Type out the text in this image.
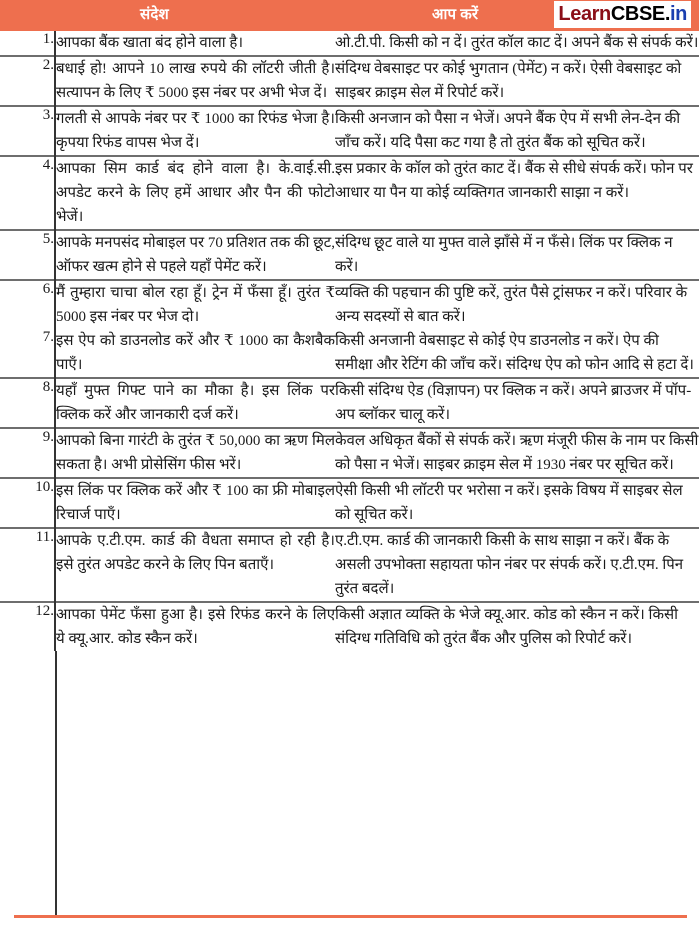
संदेश	आप करें	LearnCBSE.in
1.	आपका बैंक खाता बंद होने वाला है।	ओ.टी.पी. किसी को न दें। तुरंत कॉल काट दें। अपने बैंक से संपर्क करें।
2.	बधाई हो! आपने 10 लाख रुपये की लॉटरी जीती है। सत्यापन के लिए ₹ 5000 इस नंबर पर अभी भेज दें।	संदिग्ध वेबसाइट पर कोई भुगतान (पेमेंट) न करें। ऐसी वेबसाइट को साइबर क्राइम सेल में रिपोर्ट करें।
3.	गलती से आपके नंबर पर ₹ 1000 का रिफंड भेजा है। कृपया रिफंड वापस भेज दें।	किसी अनजान को पैसा न भेजें। अपने बैंक ऐप में सभी लेन-देन की जाँच करें। यदि पैसा कट गया है तो तुरंत बैंक को सूचित करें।
4.	आपका सिम कार्ड बंद होने वाला है। के.वाई.सी. अपडेट करने के लिए हमें आधार और पैन की फोटो भेजें।	इस प्रकार के कॉल को तुरंत काट दें। बैंक से सीधे संपर्क करें। फोन पर आधार या पैन या कोई व्यक्तिगत जानकारी साझा न करें।
5.	आपके मनपसंद मोबाइल पर 70 प्रतिशत तक की छूट, ऑफर खत्म होने से पहले यहाँ पेमेंट करें।	संदिग्ध छूट वाले या मुफ्त वाले झाँसे में न फँसे। लिंक पर क्लिक न करें।
6.	मैं तुम्हारा चाचा बोल रहा हूँ। ट्रेन में फँसा हूँ। तुरंत ₹ 5000 इस नंबर पर भेज दो।	व्यक्ति की पहचान की पुष्टि करें, तुरंत पैसे ट्रांसफर न करें। परिवार के अन्य सदस्यों से बात करें।
7.	इस ऐप को डाउनलोड करें और ₹ 1000 का कैशबैक पाएँ।	किसी अनजानी वेबसाइट से कोई ऐप डाउनलोड न करें। ऐप की समीक्षा और रेटिंग की जाँच करें। संदिग्ध ऐप को फोन आदि से हटा दें।
8.	यहाँ मुफ्त गिफ्ट पाने का मौका है। इस लिंक पर क्लिक करें और जानकारी दर्ज करें।	किसी संदिग्ध ऐड (विज्ञापन) पर क्लिक न करें। अपने ब्राउजर में पॉप-अप ब्लॉकर चालू करें।
9.	आपको बिना गारंटी के तुरंत ₹ 50,000 का ऋण मिल सकता है। अभी प्रोसेसिंग फीस भरें।	केवल अधिकृत बैंकों से संपर्क करें। ऋण मंजूरी फीस के नाम पर किसी को पैसा न भेजें। साइबर क्राइम सेल में 1930 नंबर पर सूचित करें।
10.	इस लिंक पर क्लिक करें और ₹ 100 का फ्री मोबाइल रिचार्ज पाएँ।	ऐसी किसी भी लॉटरी पर भरोसा न करें। इसके विषय में साइबर सेल को सूचित करें।
11.	आपके ए.टी.एम. कार्ड की वैधता समाप्त हो रही है। इसे तुरंत अपडेट करने के लिए पिन बताएँ।	ए.टी.एम. कार्ड की जानकारी किसी के साथ साझा न करें। बैंक के असली उपभोक्ता सहायता फोन नंबर पर संपर्क करें। ए.टी.एम. पिन तुरंत बदलें।
12.	आपका पेमेंट फँसा हुआ है। इसे रिफंड करने के लिए ये क्यू.आर. कोड स्कैन करें।	किसी अज्ञात व्यक्ति के भेजे क्यू.आर. कोड को स्कैन न करें। किसी संदिग्ध गतिविधि को तुरंत बैंक और पुलिस को रिपोर्ट करें।
